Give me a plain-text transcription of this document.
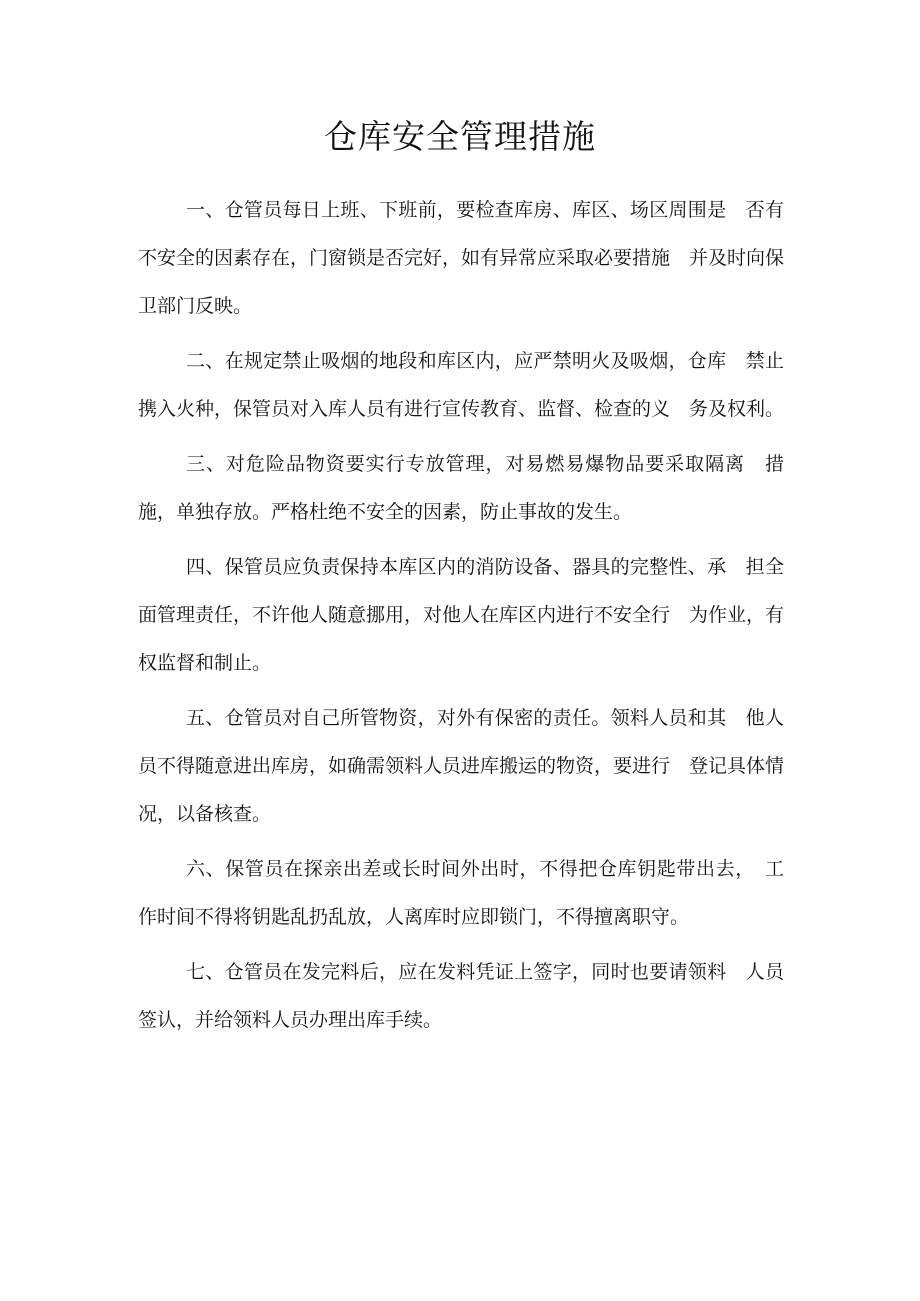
仓库安全管理措施

一、仓管员每日上班、下班前，要检查库房、库区、场区周围是　否有不安全的因素存在，门窗锁是否完好，如有异常应采取必要措施　并及时向保卫部门反映。

二、在规定禁止吸烟的地段和库区内，应严禁明火及吸烟，仓库　禁止携入火种，保管员对入库人员有进行宣传教育、监督、检查的义　务及权利。

三、对危险品物资要实行专放管理，对易燃易爆物品要采取隔离　措施，单独存放。严格杜绝不安全的因素，防止事故的发生。

四、保管员应负责保持本库区内的消防设备、器具的完整性、承　担全面管理责任，不许他人随意挪用，对他人在库区内进行不安全行　为作业，有权监督和制止。

五、仓管员对自己所管物资，对外有保密的责任。领料人员和其　他人员不得随意进出库房，如确需领料人员进库搬运的物资，要进行　登记具体情况，以备核查。

六、保管员在探亲出差或长时间外出时，不得把仓库钥匙带出去，　工作时间不得将钥匙乱扔乱放，人离库时应即锁门，不得擅离职守。

七、仓管员在发完料后，应在发料凭证上签字，同时也要请领料　人员签认，并给领料人员办理出库手续。
